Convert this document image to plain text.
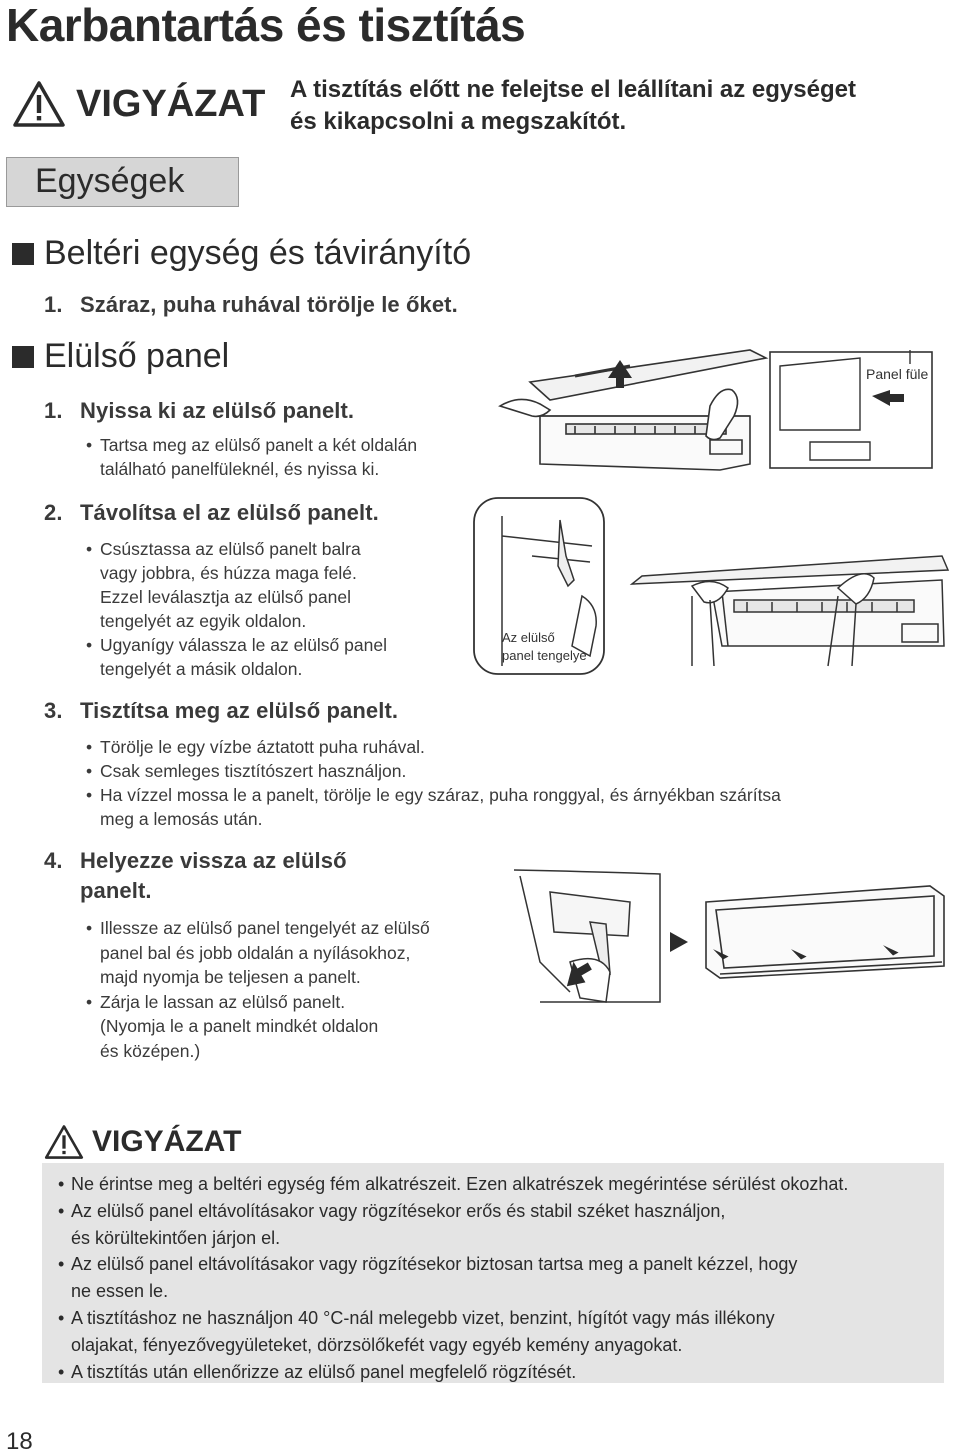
Karbantartás és tisztítás
VIGYÁZAT A tisztítás előtt ne felejtse el leállítani az egységet
és kikapcsolni a megszakítót.
Egységek
Beltéri egység és távirányító
1. Száraz, puha ruhával törölje le őket.
Elülső panel
1. Nyissa ki az elülső panelt.
• Tartsa meg az elülső panelt a két oldalán
található panelfüleknél, és nyissa ki.
2. Távolítsa el az elülső panelt.
• Csúsztassa az elülső panelt balra
vagy jobbra, és húzza maga felé.
Ezzel leválasztja az elülső panel
tengelyét az egyik oldalon.
• Ugyanígy válassza le az elülső panel
tengelyét a másik oldalon.
3. Tisztítsa meg az elülső panelt.
• Törölje le egy vízbe áztatott puha ruhával.
• Csak semleges tisztítószert használjon.
• Ha vízzel mossa le a panelt, törölje le egy száraz, puha ronggyal, és árnyékban szárítsa
meg a lemosás után.
4. Helyezze vissza az elülső
panelt.
• Illessze az elülső panel tengelyét az elülső
panel bal és jobb oldalán a nyílásokhoz,
majd nyomja be teljesen a panelt.
• Zárja le lassan az elülső panelt.
(Nyomja le a panelt mindkét oldalon
és középen.)
Panel füle
Az elülső
panel tengelye
VIGYÁZAT
• Ne érintse meg a beltéri egység fém alkatrészeit. Ezen alkatrészek megérintése sérülést okozhat.
• Az elülső panel eltávolításakor vagy rögzítésekor erős és stabil széket használjon,
és körültekintően járjon el.
• Az elülső panel eltávolításakor vagy rögzítésekor biztosan tartsa meg a panelt kézzel, hogy
ne essen le.
• A tisztításhoz ne használjon 40 °C-nál melegebb vizet, benzint, hígítót vagy más illékony
olajakat, fényezővegyületeket, dörzsölőkefét vagy egyéb kemény anyagokat.
• A tisztítás után ellenőrizze az elülső panel megfelelő rögzítését.
18
